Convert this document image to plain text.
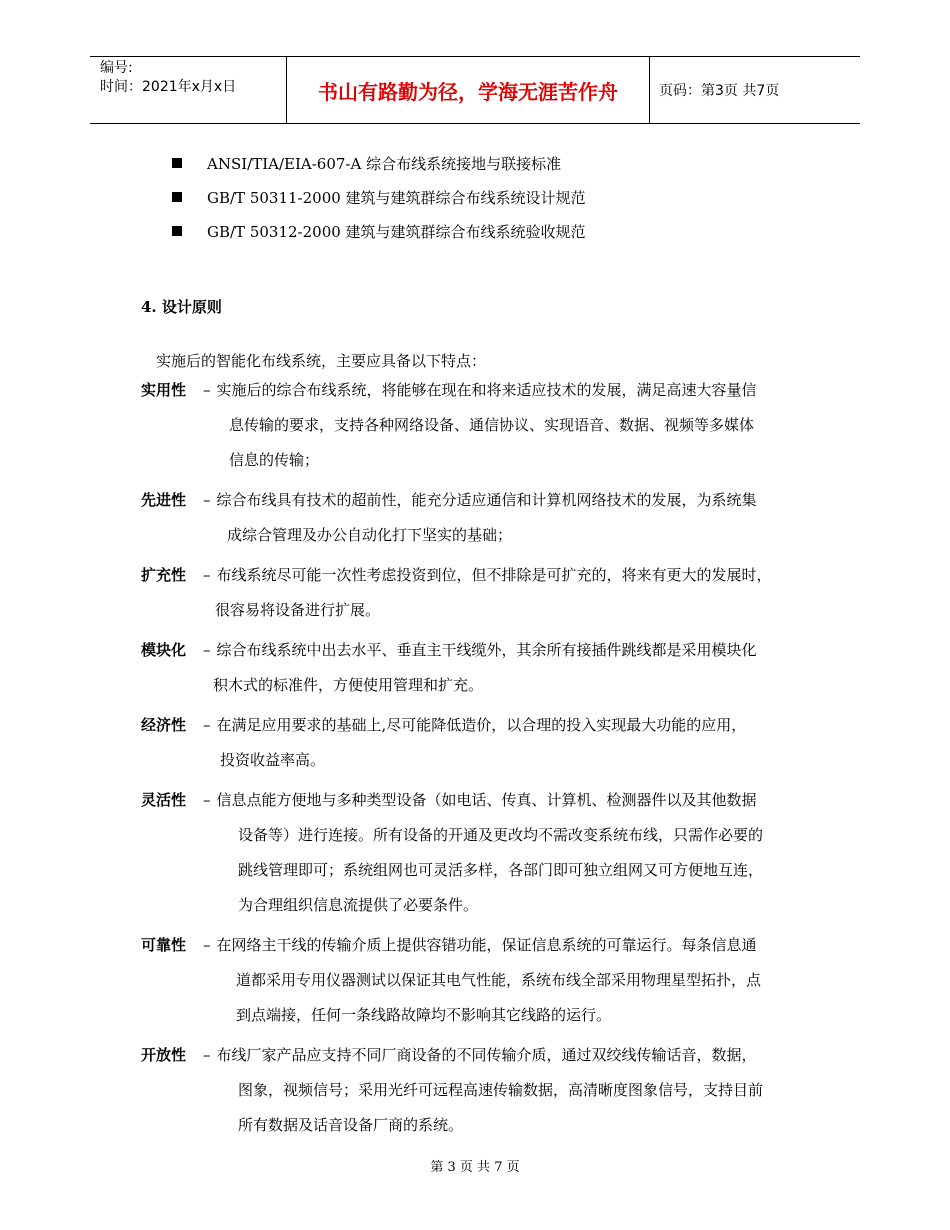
编号:
时间：2021年x月x日	书山有路勤为径，学海无涯苦作舟	页码：第3页 共7页
ANSI/TIA/EIA-607-A 综合布线系统接地与联接标准
GB/T 50311-2000 建筑与建筑群综合布线系统设计规范
GB/T 50312-2000 建筑与建筑群综合布线系统验收规范
4. 设计原则
实施后的智能化布线系统，主要应具备以下特点：
实用性	– 实施后的综合布线系统，将能够在现在和将来适应技术的发展，满足高速大容量信
息传输的要求，支持各种网络设备、通信协议、实现语音、数据、视频等多媒体
信息的传输；
先进性	– 综合布线具有技术的超前性，能充分适应通信和计算机网络技术的发展，为系统集
成综合管理及办公自动化打下坚实的基础；
扩充性	– 布线系统尽可能一次性考虑投资到位，但不排除是可扩充的，将来有更大的发展时，
很容易将设备进行扩展。
模块化	– 综合布线系统中出去水平、垂直主干线缆外，其余所有接插件跳线都是采用模块化
积木式的标准件，方便使用管理和扩充。
经济性	– 在满足应用要求的基础上,尽可能降低造价，以合理的投入实现最大功能的应用，
投资收益率高。
灵活性	– 信息点能方便地与多种类型设备（如电话、传真、计算机、检测器件以及其他数据
设备等）进行连接。所有设备的开通及更改均不需改变系统布线，只需作必要的
跳线管理即可；系统组网也可灵活多样，各部门即可独立组网又可方便地互连，
为合理组织信息流提供了必要条件。
可靠性	– 在网络主干线的传输介质上提供容错功能，保证信息系统的可靠运行。每条信息通
道都采用专用仪器测试以保证其电气性能，系统布线全部采用物理星型拓扑，点
到点端接，任何一条线路故障均不影响其它线路的运行。
开放性	– 布线厂家产品应支持不同厂商设备的不同传输介质，通过双绞线传输话音，数据，
图象，视频信号；采用光纤可远程高速传输数据，高清晰度图象信号，支持目前
所有数据及话音设备厂商的系统。
第 3 页 共 7 页
